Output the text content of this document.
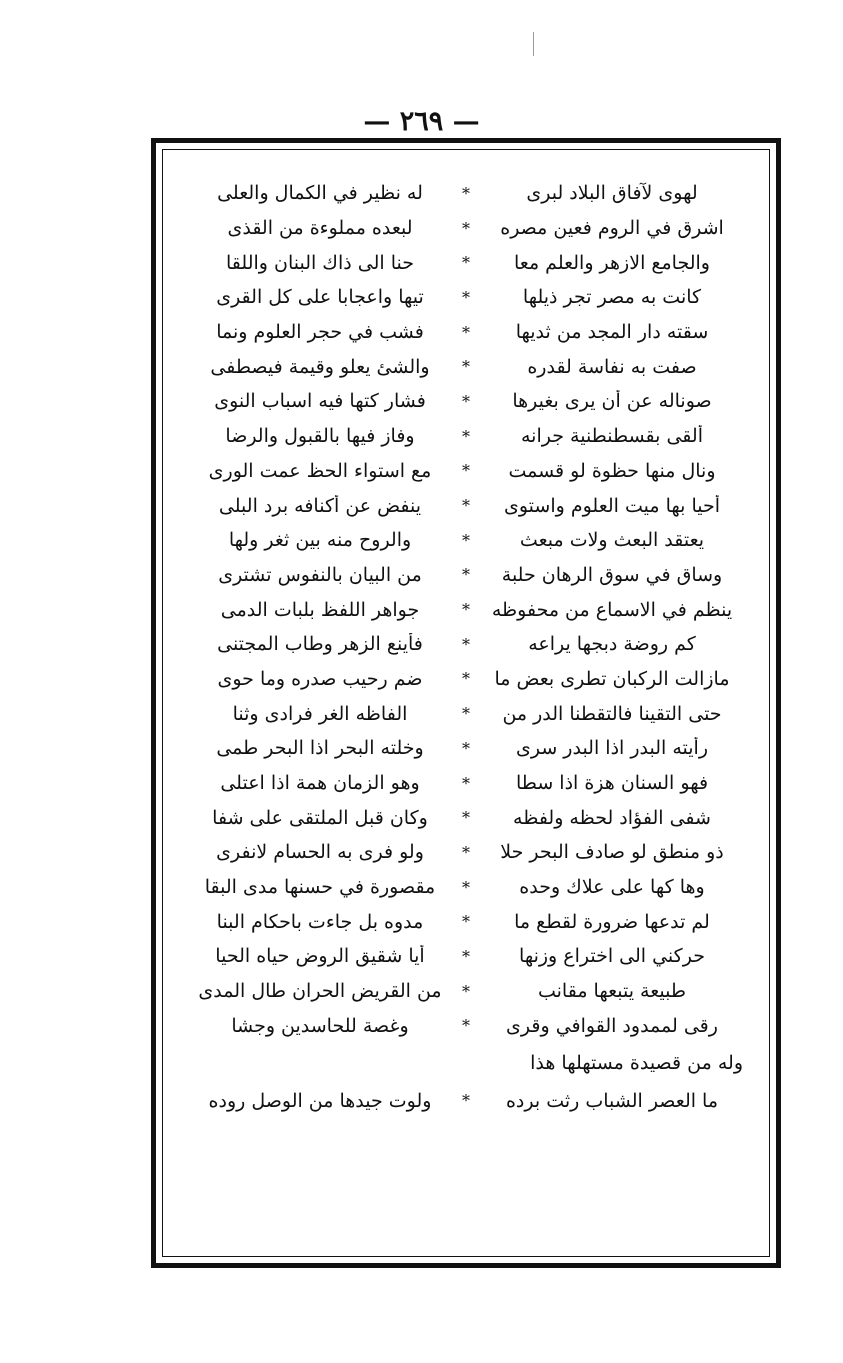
— ٢٦٩ —
لهوى لآفاق البلاد لبرى
*
له نظير في الكمال والعلى
اشرق في الروم فعين مصره
*
لبعده مملوءة من القذى
والجامع الازهر والعلم معا
*
حنا الى ذاك البنان واللقا
كانت به مصر تجر ذيلها
*
تيها واعجابا على كل القرى
سقته دار المجد من ثديها
*
فشب في حجر العلوم ونما
صفت به نفاسة لقدره
*
والشئ يعلو وقيمة فيصطفى
صوناله عن أن يرى بغيرها
*
فشار كتها فيه اسباب النوى
ألقى بقسطنطنية جرانه
*
وفاز فيها بالقبول والرضا
ونال منها حظوة لو قسمت
*
مع استواء الحظ عمت الورى
أحيا بها ميت العلوم واستوى
*
ينفض عن أكنافه برد البلى
يعتقد البعث ولات مبعث
*
والروح منه بين ثغر ولها
وساق في سوق الرهان حلبة
*
من البيان بالنفوس تشترى
ينظم في الاسماع من محفوظه
*
جواهر اللفظ بلبات الدمى
كم روضة دبجها يراعه
*
فأينع الزهر وطاب المجتنى
مازالت الركبان تطرى بعض ما
*
ضم رحيب صدره وما حوى
حتى التقينا فالتقطنا الدر من
*
الفاظه الغر فرادى وثنا
رأيته البدر اذا البدر سرى
*
وخلته البحر اذا البحر طمى
فهو السنان هزة اذا سطا
*
وهو الزمان همة اذا اعتلى
شفى الفؤاد لحظه ولفظه
*
وكان قبل الملتقى على شفا
ذو منطق لو صادف البحر حلا
*
ولو فرى به الحسام لانفرى
وها كها على علاك وحده
*
مقصورة في حسنها مدى البقا
لم تدعها ضرورة لقطع ما
*
مدوه بل جاءت باحكام البنا
حركني الى اختراع وزنها
*
أيا شقيق الروض حياه الحيا
طبيعة يتبعها مقانب
*
من القريض الحران طال المدى
رقى لممدود القوافي وقرى
*
وغصة للحاسدين وجشا
وله من قصيدة مستهلها هذا
ما العصر الشباب رثت برده
*
ولوت جيدها من الوصل روده
